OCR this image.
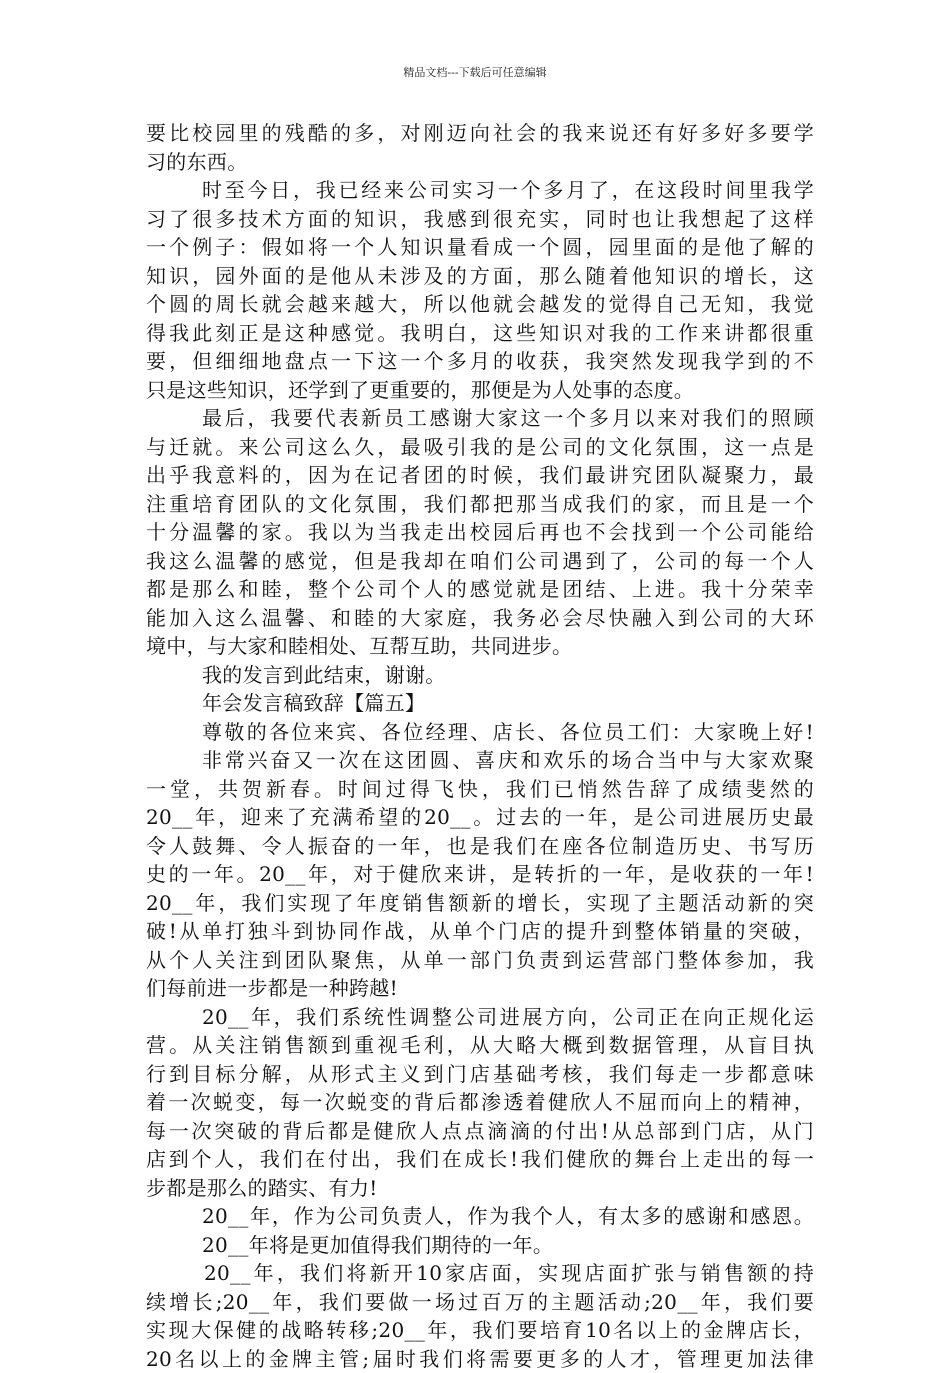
精品文档---下载后可任意编辑
要比校园里的残酷的多，对刚迈向社会的我来说还有好多好多要学
习的东西。
时至今日，我已经来公司实习一个多月了，在这段时间里我学
习了很多技术方面的知识，我感到很充实，同时也让我想起了这样
一个例子：假如将一个人知识量看成一个圆，园里面的是他了解的
知识，园外面的是他从未涉及的方面，那么随着他知识的增长，这
个圆的周长就会越来越大，所以他就会越发的觉得自己无知，我觉
得我此刻正是这种感觉。我明白，这些知识对我的工作来讲都很重
要，但细细地盘点一下这一个多月的收获，我突然发现我学到的不
只是这些知识，还学到了更重要的，那便是为人处事的态度。
最后，我要代表新员工感谢大家这一个多月以来对我们的照顾
与迁就。来公司这么久，最吸引我的是公司的文化氛围，这一点是
出乎我意料的，因为在记者团的时候，我们最讲究团队凝聚力，最
注重培育团队的文化氛围，我们都把那当成我们的家，而且是一个
十分温馨的家。我以为当我走出校园后再也不会找到一个公司能给
我这么温馨的感觉，但是我却在咱们公司遇到了，公司的每一个人
都是那么和睦，整个公司个人的感觉就是团结、上进。我十分荣幸
能加入这么温馨、和睦的大家庭，我务必会尽快融入到公司的大环
境中，与大家和睦相处、互帮互助，共同进步。
我的发言到此结束，谢谢。
年会发言稿致辞【篇五】
尊敬的各位来宾、各位经理、店长、各位员工们：大家晚上好!
非常兴奋又一次在这团圆、喜庆和欢乐的场合当中与大家欢聚
一堂，共贺新春。时间过得飞快，我们已悄然告辞了成绩斐然的
20__年，迎来了充满希望的20__。过去的一年，是公司进展历史最
令人鼓舞、令人振奋的一年，也是我们在座各位制造历史、书写历
史的一年。20__年，对于健欣来讲，是转折的一年，是收获的一年!
20__年，我们实现了年度销售额新的增长，实现了主题活动新的突
破!从单打独斗到协同作战，从单个门店的提升到整体销量的突破，
从个人关注到团队聚焦，从单一部门负责到运营部门整体参加，我
们每前进一步都是一种跨越!
20__年，我们系统性调整公司进展方向，公司正在向正规化运
营。从关注销售额到重视毛利，从大略大概到数据管理，从盲目执
行到目标分解，从形式主义到门店基础考核，我们每走一步都意味
着一次蜕变，每一次蜕变的背后都渗透着健欣人不屈而向上的精神，
每一次突破的背后都是健欣人点点滴滴的付出!从总部到门店，从门
店到个人，我们在付出，我们在成长!我们健欣的舞台上走出的每一
步都是那么的踏实、有力!
20__年，作为公司负责人，作为我个人，有太多的感谢和感恩。
20__年将是更加值得我们期待的一年。
20__年，我们将新开10家店面，实现店面扩张与销售额的持
续增长;20__年，我们要做一场过百万的主题活动;20__年，我们要
实现大保健的战略转移;20__年，我们要培育10名以上的金牌店长，
20名以上的金牌主管;届时我们将需要更多的人才，管理更加法律
